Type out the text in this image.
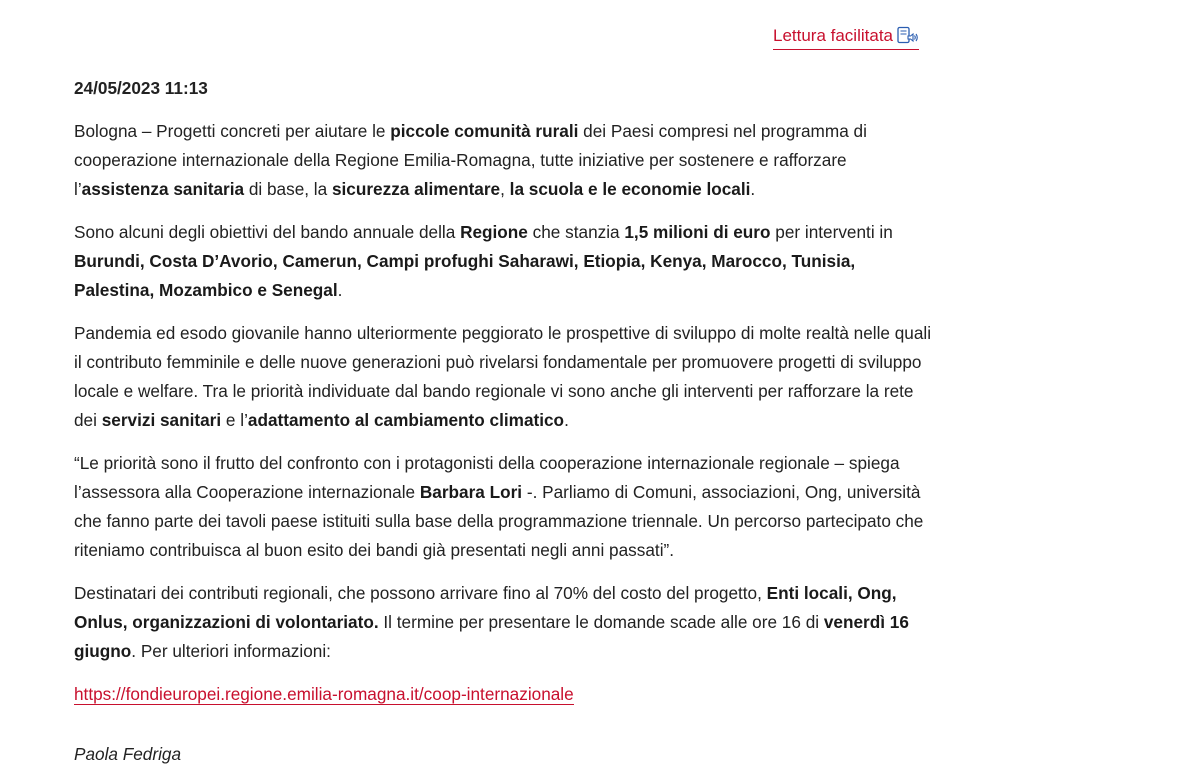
Lettura facilitata

24/05/2023 11:13

Bologna – Progetti concreti per aiutare le piccole comunità rurali dei Paesi compresi nel programma di cooperazione internazionale della Regione Emilia-Romagna, tutte iniziative per sostenere e rafforzare l’assistenza sanitaria di base, la sicurezza alimentare, la scuola e le economie locali.

Sono alcuni degli obiettivi del bando annuale della Regione che stanzia 1,5 milioni di euro per interventi in Burundi, Costa D’Avorio, Camerun, Campi profughi Saharawi, Etiopia, Kenya, Marocco, Tunisia, Palestina, Mozambico e Senegal.

Pandemia ed esodo giovanile hanno ulteriormente peggiorato le prospettive di sviluppo di molte realtà nelle quali il contributo femminile e delle nuove generazioni può rivelarsi fondamentale per promuovere progetti di sviluppo locale e welfare. Tra le priorità individuate dal bando regionale vi sono anche gli interventi per rafforzare la rete dei servizi sanitari e l’adattamento al cambiamento climatico.

“Le priorità sono il frutto del confronto con i protagonisti della cooperazione internazionale regionale – spiega l’assessora alla Cooperazione internazionale Barbara Lori -. Parliamo di Comuni, associazioni, Ong, università che fanno parte dei tavoli paese istituiti sulla base della programmazione triennale. Un percorso partecipato che riteniamo contribuisca al buon esito dei bandi già presentati negli anni passati”.

Destinatari dei contributi regionali, che possono arrivare fino al 70% del costo del progetto, Enti locali, Ong, Onlus, organizzazioni di volontariato. Il termine per presentare le domande scade alle ore 16 di venerdì 16 giugno. Per ulteriori informazioni:

https://fondieuropei.regione.emilia-romagna.it/coop-internazionale

Paola Fedriga
